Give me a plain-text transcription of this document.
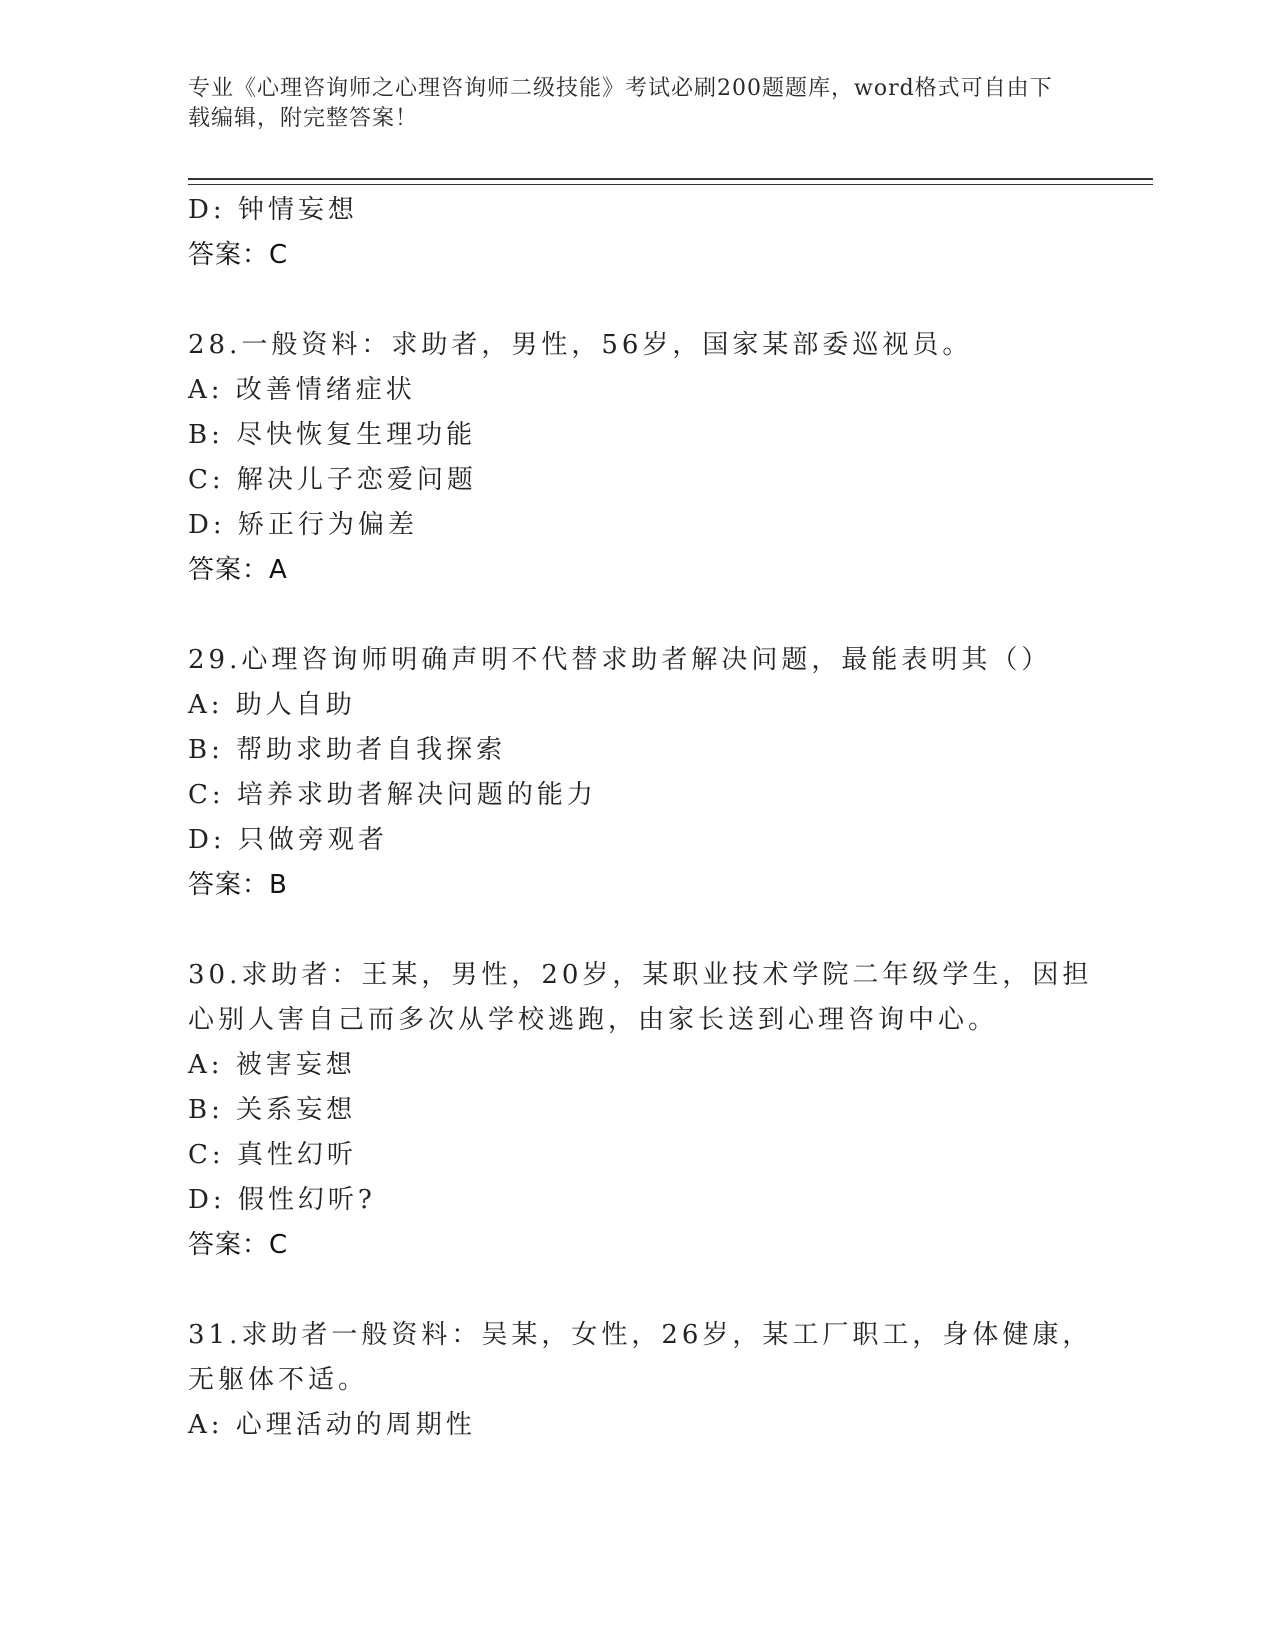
专业《心理咨询师之心理咨询师二级技能》考试必刷200题题库，word格式可自由下载编辑，附完整答案！
D: 钟情妄想
答案：C
28.一般资料：求助者，男性，56岁，国家某部委巡视员。
A: 改善情绪症状
B: 尽快恢复生理功能
C: 解决儿子恋爱问题
D: 矫正行为偏差
答案：A
29.心理咨询师明确声明不代替求助者解决问题，最能表明其（）
A: 助人自助
B: 帮助求助者自我探索
C: 培养求助者解决问题的能力
D: 只做旁观者
答案：B
30.求助者：王某，男性，20岁，某职业技术学院二年级学生，因担心别人害自己而多次从学校逃跑，由家长送到心理咨询中心。
A: 被害妄想
B: 关系妄想
C: 真性幻听
D: 假性幻听?
答案：C
31.求助者一般资料：吴某，女性，26岁，某工厂职工，身体健康，无躯体不适。
A: 心理活动的周期性
